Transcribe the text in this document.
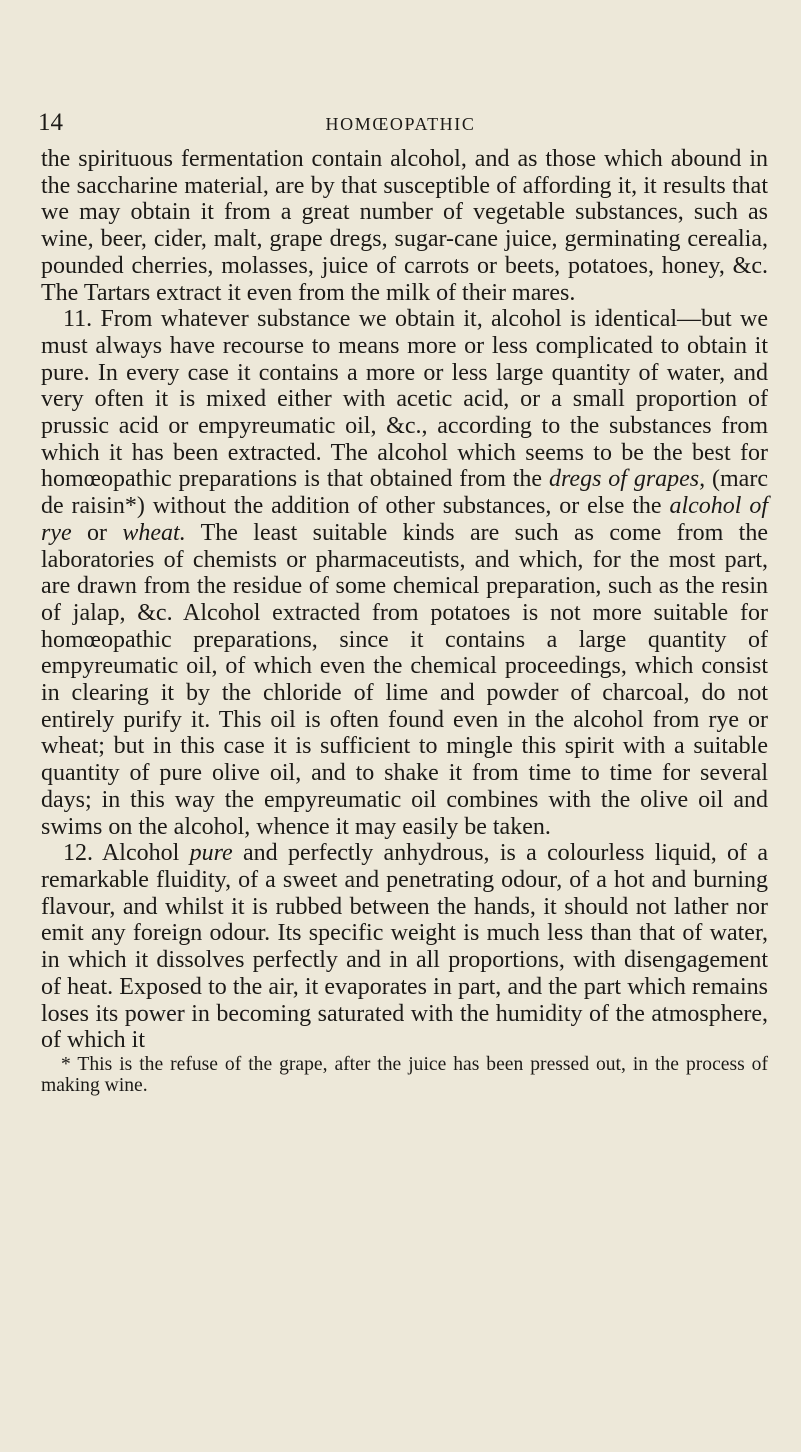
14	HOMŒOPATHIC

the spirituous fermentation contain alcohol, and as those which abound in the saccharine material, are by that susceptible of affording it, it results that we may obtain it from a great number of vegetable substances, such as wine, beer, cider, malt, grape dregs, sugar-cane juice, germinating cerealia, pounded cherries, molasses, juice of carrots or beets, potatoes, honey, &c. The Tartars extract it even from the milk of their mares.

11. From whatever substance we obtain it, alcohol is identical—but we must always have recourse to means more or less complicated to obtain it pure. In every case it contains a more or less large quantity of water, and very often it is mixed either with acetic acid, or a small proportion of prussic acid or empyreumatic oil, &c., according to the substances from which it has been extracted. The alcohol which seems to be the best for homœopathic preparations is that obtained from the dregs of grapes, (marc de raisin*) without the addition of other substances, or else the alcohol of rye or wheat. The least suitable kinds are such as come from the laboratories of chemists or pharmaceutists, and which, for the most part, are drawn from the residue of some chemical preparation, such as the resin of jalap, &c. Alcohol extracted from potatoes is not more suitable for homœopathic preparations, since it contains a large quantity of empyreumatic oil, of which even the chemical proceedings, which consist in clearing it by the chloride of lime and powder of charcoal, do not entirely purify it. This oil is often found even in the alcohol from rye or wheat; but in this case it is sufficient to mingle this spirit with a suitable quantity of pure olive oil, and to shake it from time to time for several days; in this way the empyreumatic oil combines with the olive oil and swims on the alcohol, whence it may easily be taken.

12. Alcohol pure and perfectly anhydrous, is a colourless liquid, of a remarkable fluidity, of a sweet and penetrating odour, of a hot and burning flavour, and whilst it is rubbed between the hands, it should not lather nor emit any foreign odour. Its specific weight is much less than that of water, in which it dissolves perfectly and in all proportions, with disengagement of heat. Exposed to the air, it evaporates in part, and the part which remains loses its power in becoming saturated with the humidity of the atmosphere, of which it

* This is the refuse of the grape, after the juice has been pressed out, in the process of making wine.
